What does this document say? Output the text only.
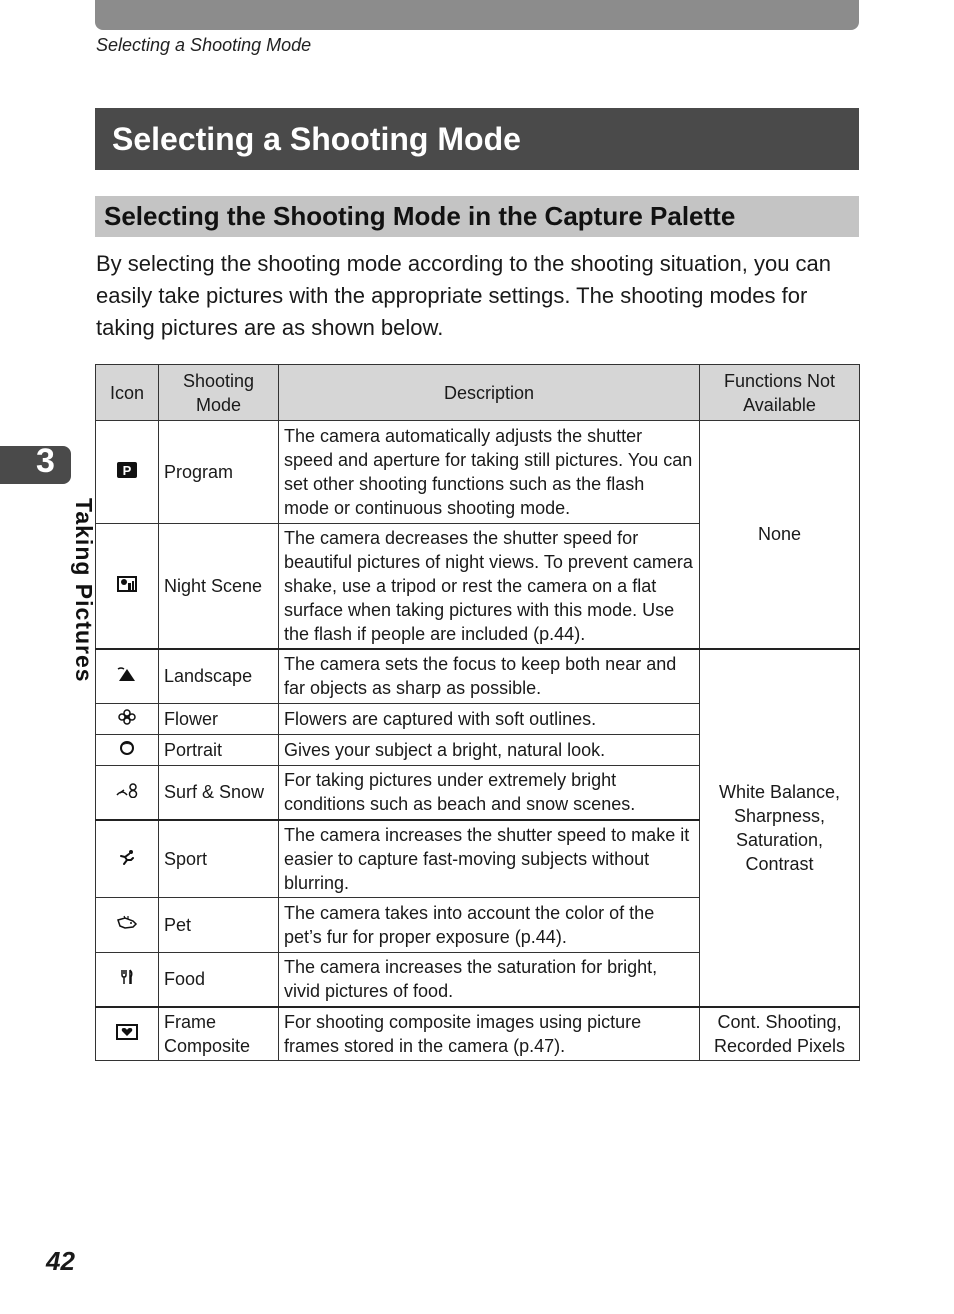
Selecting a Shooting Mode
Selecting a Shooting Mode
Selecting the Shooting Mode in the Capture Palette

By selecting the shooting mode according to the shooting situation, you can easily take pictures with the appropriate settings. The shooting modes for taking pictures are as shown below.

Icon	Shooting Mode	Description	Functions Not Available

P	Program	The camera automatically adjusts the shutter speed and aperture for taking still pictures. You can set other shooting functions such as the flash mode or continuous shooting mode.	None

	Night Scene	The camera decreases the shutter speed for beautiful pictures of night views. To prevent camera shake, use a tripod or rest the camera on a flat surface when taking pictures with this mode. Use the flash if people are included (p.44).	

	Landscape	The camera sets the focus to keep both near and far objects as sharp as possible.	White Balance,
Sharpness,
Saturation,
Contrast

	Flower	Flowers are captured with soft outlines.	

	Portrait	Gives your subject a bright, natural look.	

	Surf & Snow	For taking pictures under extremely bright conditions such as beach and snow scenes.	

	Sport	The camera increases the shutter speed to make it easier to capture fast-moving subjects without blurring.	

	Pet	The camera takes into account the color of the pet’s fur for proper exposure (p.44).	

	Food	The camera increases the saturation for bright, vivid pictures of food.	

	Frame
Composite	For shooting composite images using picture frames stored in the camera (p.47).	Cont. Shooting,
Recorded Pixels
3
Taking Pictures
42
